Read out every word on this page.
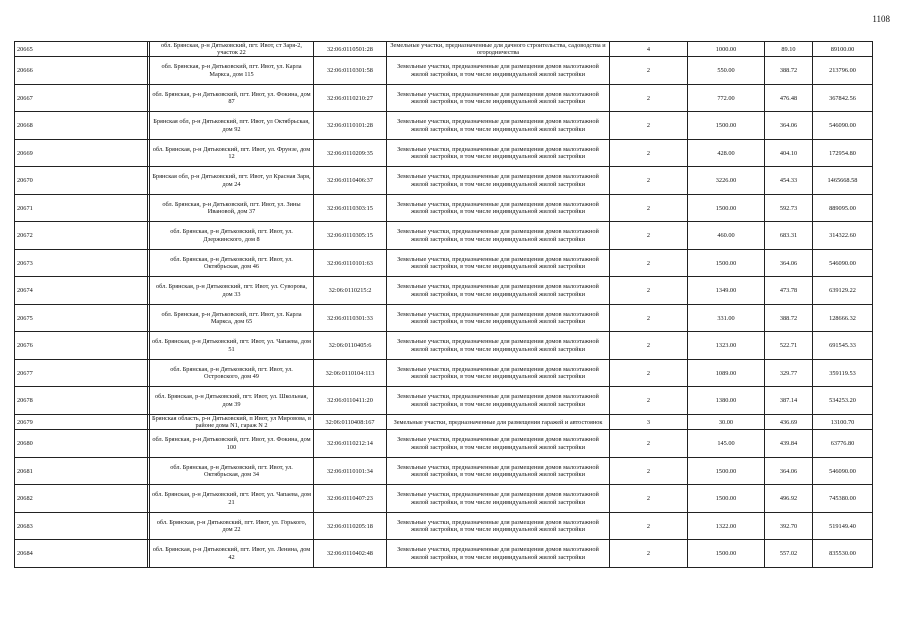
1108
20665		обл. Брянская, р-н Дятьковский, пгт. Ивот, ст Заря-2, участок 22	32:06:0110501:28	Земельные участки, предназначенные для дачного строительства, садоводства и огородничества	4	1000.00	89.10	89100.00
20666		обл. Брянская, р-н Дятьковский, пгт. Ивот, ул. Карла Маркса, дом 115	32:06:0110301:58	Земельные участки, предназначенные для размещения домов малоэтажной жилой застройки, в том числе индивидуальной жилой застройки	2	550.00	388.72	213796.00
20667		обл. Брянская, р-н Дятьковский, пгт. Ивот, ул. Фокина, дом 87	32:06:0110210:27	Земельные участки, предназначенные для размещения домов малоэтажной жилой застройки, в том числе индивидуальной жилой застройки	2	772.00	476.48	367842.56
20668		Брянская обл, р-н Дятьковский, пгт. Ивот, ул Октябрьская, дом 92	32:06:0110101:28	Земельные участки, предназначенные для размещения домов малоэтажной жилой застройки, в том числе индивидуальной жилой застройки	2	1500.00	364.06	546090.00
20669		обл. Брянская, р-н Дятьковский, пгт. Ивот, ул. Фрунзе, дом 12	32:06:0110209:35	Земельные участки, предназначенные для размещения домов малоэтажной жилой застройки, в том числе индивидуальной жилой застройки	2	428.00	404.10	172954.80
20670		Брянская обл, р-н Дятьковский, пгт. Ивот, ул Красная Заря, дом 24	32:06:0110406:37	Земельные участки, предназначенные для размещения домов малоэтажной жилой застройки, в том числе индивидуальной жилой застройки	2	3226.00	454.33	1465668.58
20671		обл. Брянская, р-н Дятьковский, пгт. Ивот, ул. Зины Ивановой, дом 37	32:06:0110303:15	Земельные участки, предназначенные для размещения домов малоэтажной жилой застройки, в том числе индивидуальной жилой застройки	2	1500.00	592.73	889095.00
20672		обл. Брянская, р-н Дятьковский, пгт. Ивот, ул. Дзержинского, дом 8	32:06:0110305:15	Земельные участки, предназначенные для размещения домов малоэтажной жилой застройки, в том числе индивидуальной жилой застройки	2	460.00	683.31	314322.60
20673		обл. Брянская, р-н Дятьковский, пгт. Ивот, ул. Октябрьская, дом 46	32:06:0110101:63	Земельные участки, предназначенные для размещения домов малоэтажной жилой застройки, в том числе индивидуальной жилой застройки	2	1500.00	364.06	546090.00
20674		обл. Брянская, р-н Дятьковский, пгт. Ивот, ул. Суворова, дом 33	32:06:0110215:2	Земельные участки, предназначенные для размещения домов малоэтажной жилой застройки, в том числе индивидуальной жилой застройки	2	1349.00	473.78	639129.22
20675		обл. Брянская, р-н Дятьковский, пгт. Ивот, ул. Карла Маркса, дом 65	32:06:0110301:33	Земельные участки, предназначенные для размещения домов малоэтажной жилой застройки, в том числе индивидуальной жилой застройки	2	331.00	388.72	128666.32
20676		обл. Брянская, р-н Дятьковский, пгт. Ивот, ул. Чапаева, дом 51	32:06:0110405:6	Земельные участки, предназначенные для размещения домов малоэтажной жилой застройки, в том числе индивидуальной жилой застройки	2	1323.00	522.71	691545.33
20677		обл. Брянская, р-н Дятьковский, пгт. Ивот, ул. Островского, дом 49	32:06:0110104:113	Земельные участки, предназначенные для размещения домов малоэтажной жилой застройки, в том числе индивидуальной жилой застройки	2	1089.00	329.77	359119.53
20678		обл. Брянская, р-н Дятьковский, пгт. Ивот, ул. Школьная, дом 39	32:06:0110411:20	Земельные участки, предназначенные для размещения домов малоэтажной жилой застройки, в том числе индивидуальной жилой застройки	2	1380.00	387.14	534253.20
20679		Брянская область, р-н Дятьковский, п Ивот, ул Мировова, в районе дома N1, гараж N 2	32:06:0110408:167	Земельные участки, предназначенные для размещения гаражей и автостоянок	3	30.00	436.69	13100.70
20680		обл. Брянская, р-н Дятьковский, пгт. Ивот, ул. Фокина, дом 100	32:06:0110212:14	Земельные участки, предназначенные для размещения домов малоэтажной жилой застройки, в том числе индивидуальной жилой застройки	2	145.00	439.84	63776.80
20681		обл. Брянская, р-н Дятьковский, пгт. Ивот, ул. Октябрьская, дом 34	32:06:0110101:34	Земельные участки, предназначенные для размещения домов малоэтажной жилой застройки, в том числе индивидуальной жилой застройки	2	1500.00	364.06	546090.00
20682		обл. Брянская, р-н Дятьковский, пгт. Ивот, ул. Чапаева, дом 21	32:06:0110407:23	Земельные участки, предназначенные для размещения домов малоэтажной жилой застройки, в том числе индивидуальной жилой застройки	2	1500.00	496.92	745380.00
20683		обл. Брянская, р-н Дятьковский, пгт. Ивот, ул. Горького, дом 22	32:06:0110205:18	Земельные участки, предназначенные для размещения домов малоэтажной жилой застройки, в том числе индивидуальной жилой застройки	2	1322.00	392.70	519149.40
20684		обл. Брянская, р-н Дятьковский, пгт. Ивот, ул. Ленина, дом 42	32:06:0110402:48	Земельные участки, предназначенные для размещения домов малоэтажной жилой застройки, в том числе индивидуальной жилой застройки	2	1500.00	557.02	835530.00
